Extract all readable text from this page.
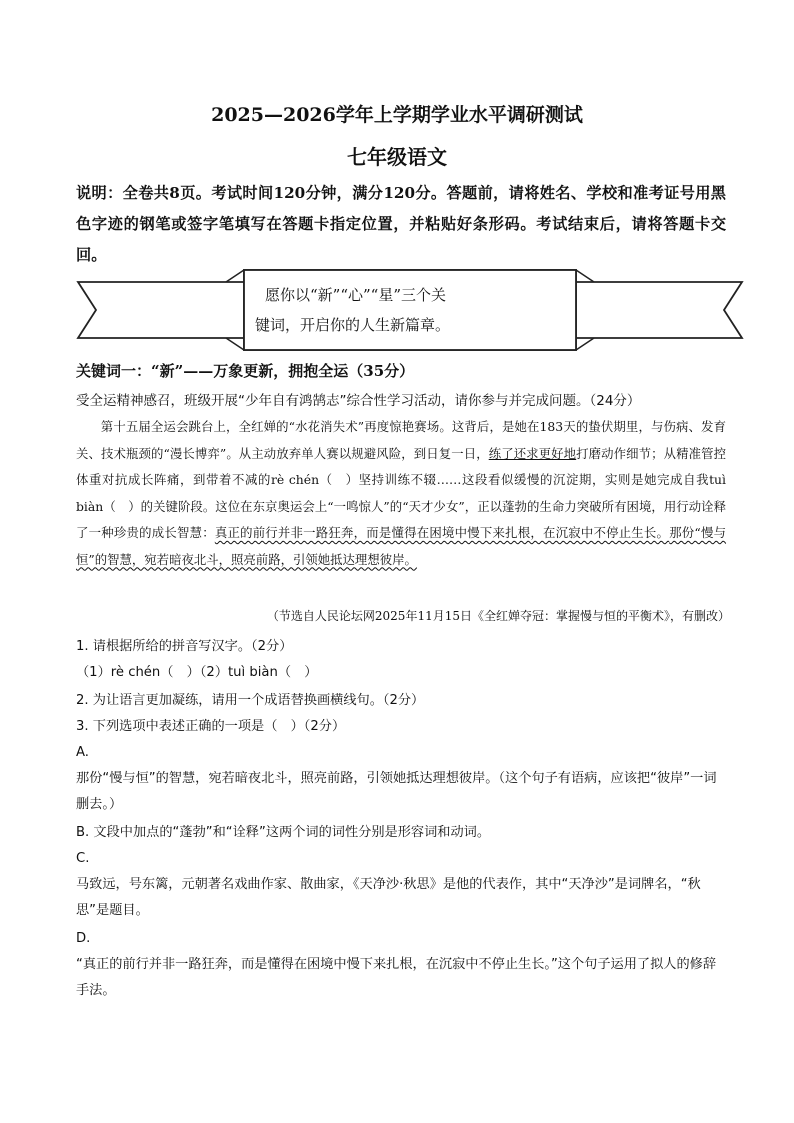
2025—2026学年上学期学业水平调研测试
七年级语文
说明：全卷共8页。考试时间120分钟，满分120分。答题前，请将姓名、学校和准考证号用黑色字迹的钢笔或签字笔填写在答题卡指定位置，并粘贴好条形码。考试结束后，请将答题卡交回。
愿你以“新”“心”“星”三个关
键词，开启你的人生新篇章。
关键词一：“新”——万象更新，拥抱全运（35分）
受全运精神感召，班级开展“少年自有鸿鹄志”综合性学习活动，请你参与并完成问题。（24分）
第十五届全运会跳台上，全红婵的“水花消失术”再度惊艳赛场。这背后，是她在183天的蛰伏期里，与伤病、发育关、技术瓶颈的“漫长博弈”。从主动放弃单人赛以规避风险，到日复一日，练了还求更好地打磨动作细节；从精准管控体重对抗成长阵痛，到带着不减的rè chén（　）坚持训练不辍……这段看似缓慢的沉淀期，实则是她完成自我tuì biàn（　）的关键阶段。这位在东京奥运会上“一鸣惊人”的“天才少女”，正以蓬勃的生命力突破所有困境，用行动诠释了一种珍贵的成长智慧：真正的前行并非一路狂奔，而是懂得在困境中慢下来扎根，在沉寂中不停止生长。那份“慢与恒”的智慧，宛若暗夜北斗，照亮前路，引领她抵达理想彼岸。
（节选自人民论坛网2025年11月15日《全红婵夺冠：掌握慢与恒的平衡术》，有删改）
1. 请根据所给的拼音写汉字。（2分）
（1）rè chén（　）（2）tuì biàn（　）
2. 为让语言更加凝练，请用一个成语替换画横线句。（2分）
3. 下列选项中表述正确的一项是（　）（2分）
A.
那份“慢与恒”的智慧，宛若暗夜北斗，照亮前路，引领她抵达理想彼岸。（这个句子有语病，应该把“彼岸”一词删去。）
B. 文段中加点的“蓬勃”和“诠释”这两个词的词性分别是形容词和动词。
C.
马致远，号东篱，元朝著名戏曲作家、散曲家，《天净沙·秋思》是他的代表作，其中“天净沙”是词牌名，“秋思”是题目。
D.
“真正的前行并非一路狂奔，而是懂得在困境中慢下来扎根，在沉寂中不停止生长。”这个句子运用了拟人的修辞手法。
